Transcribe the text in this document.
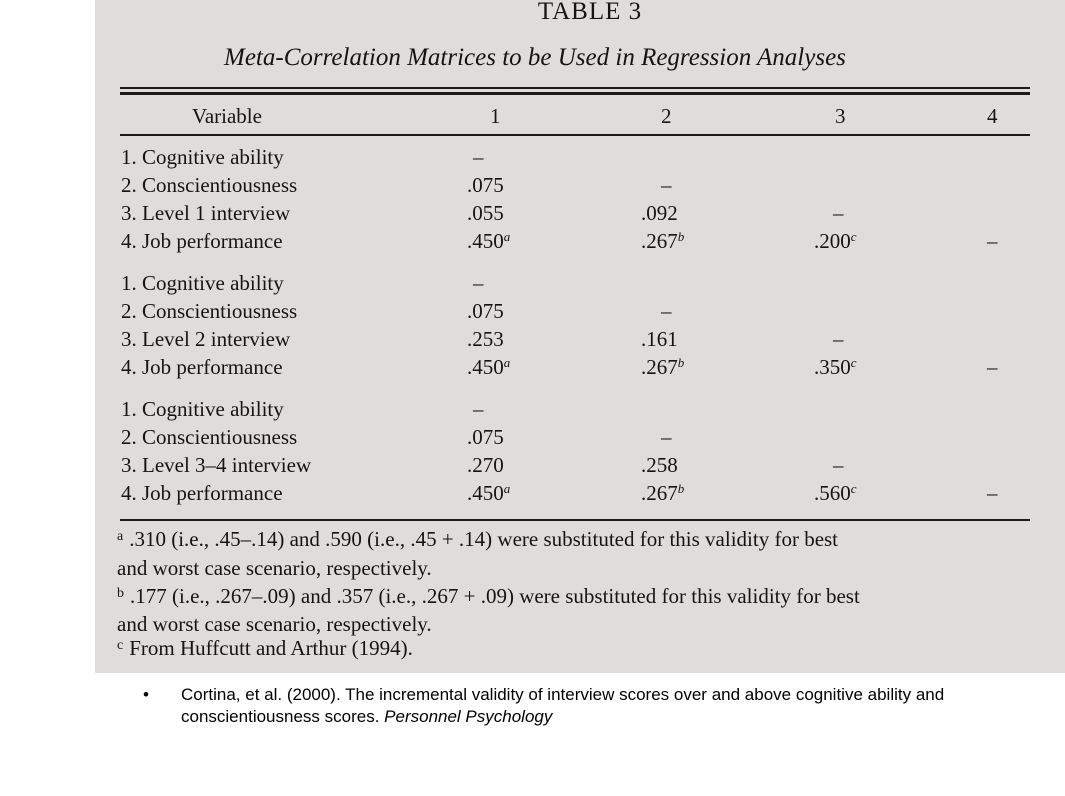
TABLE 3
Meta-Correlation Matrices to be Used in Regression Analyses
Variable	1	2	3	4
1. Cognitive ability	–
2. Conscientiousness	.075	–
3. Level 1 interview	.055	.092	–
4. Job performance	.450$^a$	.267$^b$	.200$^c$	–
1. Cognitive ability	–
2. Conscientiousness	.075	–
3. Level 2 interview	.253	.161	–
4. Job performance	.450$^a$	.267$^b$	.350$^c$	–
1. Cognitive ability	–
2. Conscientiousness	.075	–
3. Level 3–4 interview	.270	.258	–
4. Job performance	.450$^a$	.267$^b$	.560$^c$	–
$^a$ .310 (i.e., .45–.14) and .590 (i.e., .45 + .14) were substituted for this validity for best
and worst case scenario, respectively.
$^b$ .177 (i.e., .267–.09) and .357 (i.e., .267 + .09) were substituted for this validity for best
and worst case scenario, respectively.
$^c$ From Huffcutt and Arthur (1994).
• Cortina, et al. (2000). The incremental validity of interview scores over and above cognitive ability and conscientiousness scores. Personnel Psychology
